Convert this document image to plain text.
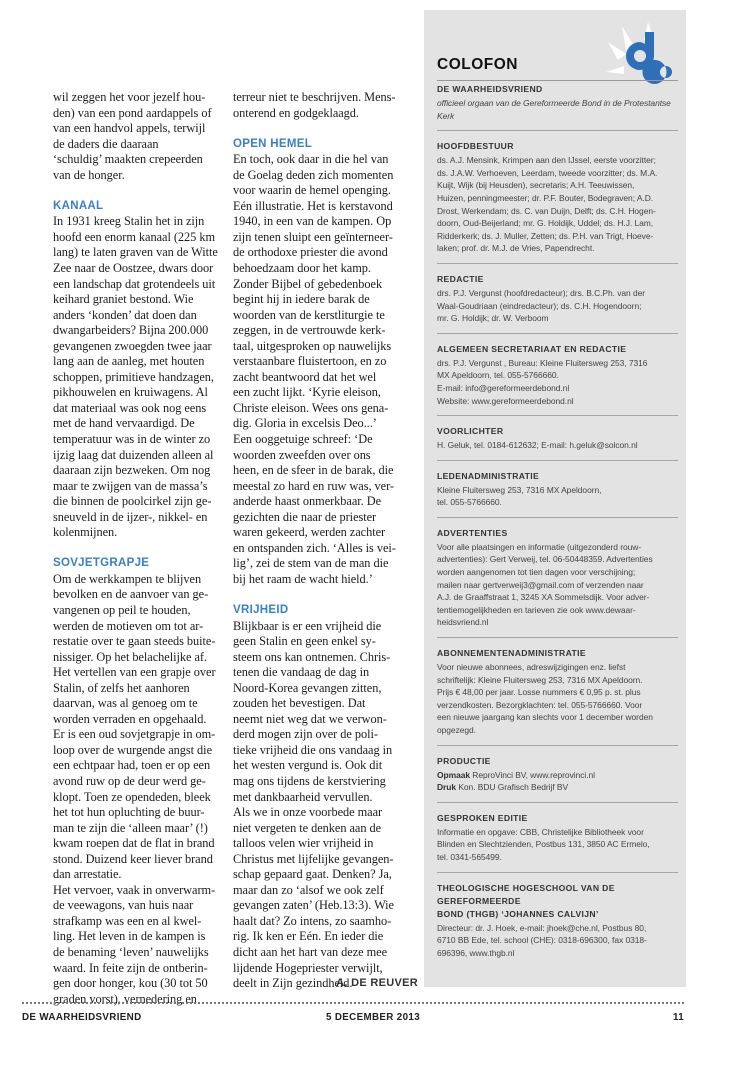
wil zeggen het voor jezelf hou-
den) van een pond aardappels of
van een handvol appels, terwijl
de daders die daaraan
‘schuldig’ maakten crepeerden
van de honger.

KANAAL

In 1931 kreeg Stalin het in zijn
hoofd een enorm kanaal (225 km
lang) te laten graven van de Witte
Zee naar de Oostzee, dwars door
een landschap dat grotendeels uit
keihard graniet bestond. Wie
anders ‘konden’ dat doen dan
dwangarbeiders? Bijna 200.000
gevangenen zwoegden twee jaar
lang aan de aanleg, met houten
schoppen, primitieve handzagen,
pikhouwelen en kruiwagens. Al
dat materiaal was ook nog eens
met de hand vervaardigd. De
temperatuur was in de winter zo
ijzig laag dat duizenden alleen al
daaraan zijn bezweken. Om nog
maar te zwijgen van de massa’s
die binnen de poolcirkel zijn ge-
sneuveld in de ijzer-, nikkel- en
kolenmijnen.

SOVJETGRAPJE

Om de werkkampen te blijven
bevolken en de aanvoer van ge-
vangenen op peil te houden,
werden de motieven om tot ar-
restatie over te gaan steeds buite-
nissiger. Op het belachelijke af.
Het vertellen van een grapje over
Stalin, of zelfs het aanhoren
daarvan, was al genoeg om te
worden verraden en opgehaald.
Er is een oud sovjetgrapje in om-
loop over de wurgende angst die
een echtpaar had, toen er op een
avond ruw op de deur werd ge-
klopt. Toen ze opendeden, bleek
het tot hun opluchting de buur-
man te zijn die ‘alleen maar’ (!)
kwam roepen dat de flat in brand
stond. Duizend keer liever brand
dan arrestatie.
Het vervoer, vaak in onverwarm-
de veewagons, van huis naar
strafkamp was een en al kwel-
ling. Het leven in de kampen is
de benaming ‘leven’ nauwelijks
waard. In feite zijn de ontberin-
gen door honger, kou (30 tot 50
graden vorst), vernedering en

terreur niet te beschrijven. Mens-
onterend en godgeklaagd.

OPEN HEMEL

En toch, ook daar in die hel van
de Goelag deden zich momenten
voor waarin de hemel openging.
Eén illustratie. Het is kerstavond
1940, in een van de kampen. Op
zijn tenen sluipt een geïnterneer-
de orthodoxe priester die avond
behoedzaam door het kamp.
Zonder Bijbel of gebedenboek
begint hij in iedere barak de
woorden van de kerstliturgie te
zeggen, in de vertrouwde kerk-
taal, uitgesproken op nauwelijks
verstaanbare fluistertoon, en zo
zacht beantwoord dat het wel
een zucht lijkt. ‘Kyrie eleison,
Christe eleison. Wees ons gena-
dig. Gloria in excelsis Deo...’
Een ooggetuige schreef: ‘De
woorden zweefden over ons
heen, en de sfeer in de barak, die
meestal zo hard en ruw was, ver-
anderde haast onmerkbaar. De
gezichten die naar de priester
waren gekeerd, werden zachter
en ontspanden zich. ‘Alles is vei-
lig’, zei de stem van de man die
bij het raam de wacht hield.’

VRIJHEID

Blijkbaar is er een vrijheid die
geen Stalin en geen enkel sy-
steem ons kan ontnemen. Chris-
tenen die vandaag de dag in
Noord-Korea gevangen zitten,
zouden het bevestigen. Dat
neemt niet weg dat we verwon-
derd mogen zijn over de poli-
tieke vrijheid die ons vandaag in
het westen vergund is. Ook dit
mag ons tijdens de kerstviering
met dankbaarheid vervullen.
Als we in onze voorbede maar
niet vergeten te denken aan de
talloos velen wier vrijheid in
Christus met lijfelijke gevangen-
schap gepaard gaat. Denken? Ja,
maar dan zo ‘alsof we ook zelf
gevangen zaten’ (Heb.13:3). Wie
haalt dat? Zo intens, zo saamho-
rig. Ik ken er Eén. En ieder die
dicht aan het hart van deze mee
lijdende Hogepriester verwijlt,
deelt in Zijn gezindheid.

A. DE REUVER
COLOFON
DE WAARHEIDSVRIEND

officieel orgaan van de Gereformeerde Bond in de Protestantse
Kerk

HOOFDBESTUUR

ds. A.J. Mensink, Krimpen aan den IJssel, eerste voorzitter;
ds. J.A.W. Verhoeven, Leerdam, tweede voorzitter; ds. M.A.
Kuijt, Wijk (bij Heusden), secretaris; A.H. Teeuwissen,
Huizen, penningmeester; dr. P.F. Bouter, Bodegraven; A.D.
Drost, Werkendam; ds. C. van Duijn, Delft; ds. C.H. Hogen-
doorn, Oud-Beijerland; mr. G. Holdijk, Uddel; ds. H.J. Lam,
Ridderkerk; ds. J. Muller, Zetten; ds. P.H. van Trigt, Hoeve-
laken; prof. dr. M.J. de Vries, Papendrecht.

REDACTIE

drs. P.J. Vergunst (hoofdredacteur); drs. B.C.Ph. van der
Waal-Goudriaan (eindredacteur); ds. C.H. Hogendoorn;
mr. G. Holdijk; dr. W. Verboom

ALGEMEEN SECRETARIAAT EN REDACTIE

drs. P.J. Vergunst , Bureau: Kleine Fluitersweg 253, 7316
MX Apeldoorn, tel. 055-5766660.
E-mail: info@gereformeerdebond.nl
Website: www.gereformeerdebond.nl

VOORLICHTER

H. Geluk, tel. 0184-612632; E-mail: h.geluk@solcon.nl

LEDENADMINISTRATIE

Kleine Fluitersweg 253, 7316 MX Apeldoorn,
tel. 055-5766660.

ADVERTENTIES

Voor alle plaatsingen en informatie (uitgezonderd rouw-
advertenties): Gert Verweij, tel. 06-50448359. Advertenties
worden aangenomen tot tien dagen voor verschijning;
mailen naar gertverweij3@gmail.com of verzenden naar
A.J. de Graaffstraat 1, 3245 XA Sommelsdijk. Voor adver-
tentiemogelijkheden en tarieven zie ook www.dewaar-
heidsvriend.nl

ABONNEMENTENADMINISTRATIE

Voor nieuwe abonnees, adreswijzigingen enz. liefst
schriftelijk: Kleine Fluitersweg 253, 7316 MX Apeldoorn.
Prijs € 48,00 per jaar. Losse nummers € 0,95 p. st. plus
verzendkosten. Bezorgklachten: tel. 055-5766660. Voor
een nieuwe jaargang kan slechts voor 1 december worden
opgezegd.

PRODUCTIE

Opmaak ReproVinci BV, www.reprovinci.nl
Druk Kon. BDU Grafisch Bedrijf BV

GESPROKEN EDITIE

Informatie en opgave: CBB, Christelijke Bibliotheek voor
Blinden en Slechtzienden, Postbus 131, 3850 AC Ermelo,
tel. 0341-565499.

THEOLOGISCHE HOGESCHOOL VAN DE GEREFORMEERDE
BOND (THGB) ‘JOHANNES CALVIJN’

Directeur: dr. J. Hoek, e-mail: jhoek@che.nl, Postbus 80,
6710 BB Ede, tel. school (CHE): 0318-696300, fax 0318-
696396, www.thgb.nl

DE WAARHEIDSVRIEND	5 DECEMBER 2013	11
